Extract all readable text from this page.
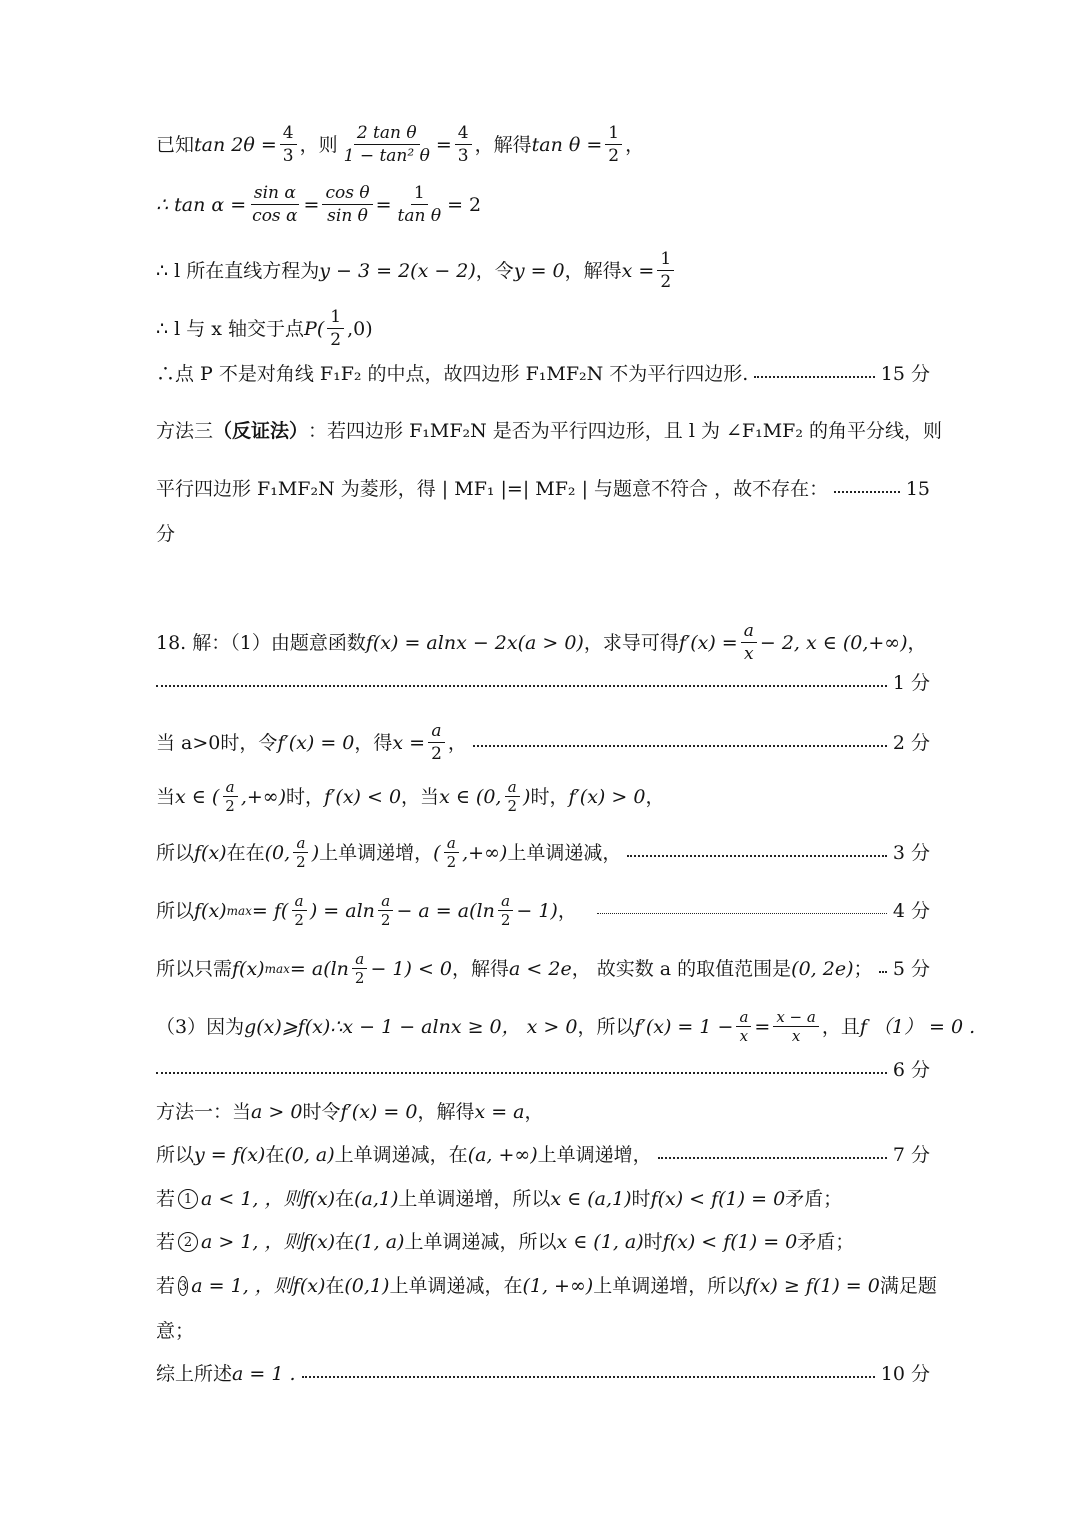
已知 $\tan 2\theta = \frac{4}{3}$ ，则 $\frac{\text{2 tan θ}}{\text{1 − tan² θ}} = \frac{4}{3}$ ，解得 $\tan \theta = \frac{1}{2}$ ，
∴ $\tan \alpha = \frac{\text{sin α}}{\text{cos α}} = \frac{\text{cos θ}}{\text{sin θ}} = \frac{1}{\text{tan θ}} = 2$
∴ l 所在直线方程为 y − 3 = 2(x − 2) ，令 y = 0 ，解得 $x = \frac{1}{2}$
∴ l 与 x 轴交于点 $P( \frac{1}{2} ,0)$
∴点 P 不是对角线 F₁F₂ 的中点，故四边形 F₁MF₂N 不为平行四边形.	15 分
方法三 （反证法） ：若四边形 F₁MF₂N 是否为平行四边形，且 l 为 ∠F₁MF₂ 的角平分线，则
平行四边形 F₁MF₂N 为菱形，得 | MF₁ |=| MF₂ | 与题意不符合 ，故不存在：	15
分
18. 解：（1）由题意函数 f(x) = alnx − 2x(a > 0) ，求导可得 $f'(x) = \frac{a}{x} - 2$, x ∈ (0,+∞) ，
1 分
当 a>0时，令 f′(x) = 0 ，得 $x = \frac{a}{2}$ ，	2 分
当 x ∈ ( $\frac{a}{2}$ ,+∞) 时， f′(x) < 0 ，当 x ∈ (0, $\frac{a}{2}$ ) 时， f′(x) > 0 ，
所以 f(x) 在在 (0, $\frac{a}{2}$ ) 上单调递增， ( $\frac{a}{2}$ ,+∞) 上单调递减，	3 分
所以 f(x) $\max = f( \frac{a}{2}$ ) = aln $\frac{a}{2} - a = a(\ln \frac{a}{2} - 1)$ ，	4 分
所以只需 f(x) $\max = a(\ln \frac{a}{2} - 1) < 0$ ，解得 a < 2e ， 故实数 a 的取值范围是 (0, 2e) ； 5 分
（3）因为 g(x)⩾f(x) ∴x − 1 − alnx ≥ 0 ， x > 0 ，所以 $f'(x) = 1 - \frac{a}{x} = \frac{x - a}{x}$ ，且 f （1） = 0 .
6 分
方法一：当 a > 0 时令 f′(x) = 0 ，解得 x = a ，
所以 y = f(x) 在 (0, a) 上单调递减，在 (a, +∞) 上单调递增，	7 分
若 1 a < 1, ，则 f(x) 在 (a,1) 上单调递增，所以 x ∈ (a,1) 时 f(x) < f(1) = 0 矛盾；
若 2 a > 1, ，则 f(x) 在 (1, a) 上单调递减，所以 x ∈ (1, a) 时 f(x) < f(1) = 0 矛盾；
若 3 a = 1, ，则 f(x) 在 (0,1) 上单调递减，在 (1, +∞) 上单调递增，所以 f(x) ≥ f(1) = 0 满足题
意；
综上所述 a = 1 .	10 分
